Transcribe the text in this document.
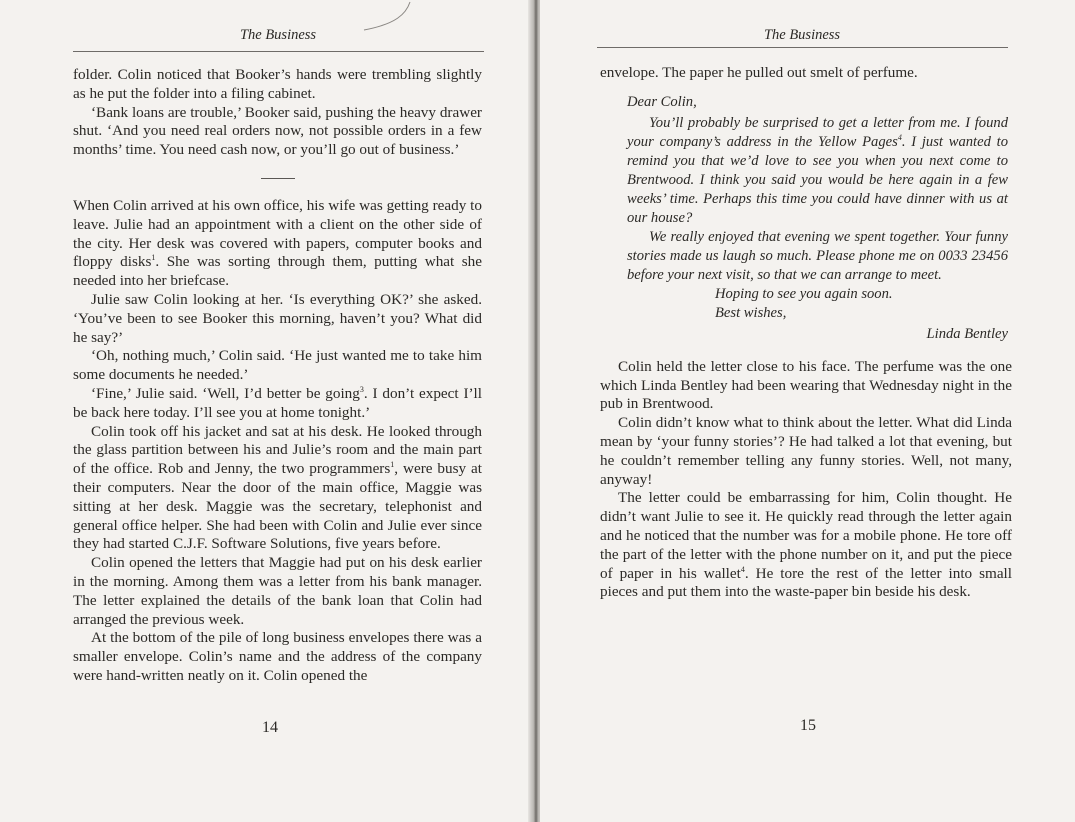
The Business

folder. Colin noticed that Booker’s hands were trembling slightly as he put the folder into a filing cabinet.

‘Bank loans are trouble,’ Booker said, pushing the heavy drawer shut. ‘And you need real orders now, not possible orders in a few months’ time. You need cash now, or you’ll go out of business.’

When Colin arrived at his own office, his wife was getting ready to leave. Julie had an appointment with a client on the other side of the city. Her desk was covered with papers, computer books and floppy disks$^1$. She was sorting through them, putting what she needed into her briefcase.

Julie saw Colin looking at her. ‘Is everything OK?’ she asked. ‘You’ve been to see Booker this morning, haven’t you? What did he say?’

‘Oh, nothing much,’ Colin said. ‘He just wanted me to take him some documents he needed.’

‘Fine,’ Julie said. ‘Well, I’d better be going$^3$. I don’t expect I’ll be back here today. I’ll see you at home tonight.’

Colin took off his jacket and sat at his desk. He looked through the glass partition between his and Julie’s room and the main part of the office. Rob and Jenny, the two programmers$^1$, were busy at their computers. Near the door of the main office, Maggie was sitting at her desk. Maggie was the secretary, telephonist and general office helper. She had been with Colin and Julie ever since they had started C.J.F. Software Solutions, five years before.

Colin opened the letters that Maggie had put on his desk earlier in the morning. Among them was a letter from his bank manager. The letter explained the details of the bank loan that Colin had arranged the previous week.

At the bottom of the pile of long business envelopes there was a smaller envelope. Colin’s name and the address of the company were hand-written neatly on it. Colin opened the

14
The Business

envelope. The paper he pulled out smelt of perfume.

Dear Colin,

You’ll probably be surprised to get a letter from me. I found your company’s address in the Yellow Pages$^4$. I just wanted to remind you that we’d love to see you when you next come to Brentwood. I think you said you would be here again in a few weeks’ time. Perhaps this time you could have dinner with us at our house?

We really enjoyed that evening we spent together. Your funny stories made us laugh so much. Please phone me on 0033 23456 before your next visit, so that we can arrange to meet.

Hoping to see you again soon.

Best wishes,

Linda Bentley

Colin held the letter close to his face. The perfume was the one which Linda Bentley had been wearing that Wednesday night in the pub in Brentwood.

Colin didn’t know what to think about the letter. What did Linda mean by ‘your funny stories’? He had talked a lot that evening, but he couldn’t remember telling any funny stories. Well, not many, anyway!

The letter could be embarrassing for him, Colin thought. He didn’t want Julie to see it. He quickly read through the letter again and he noticed that the number was for a mobile phone. He tore off the part of the letter with the phone number on it, and put the piece of paper in his wallet$^4$. He tore the rest of the letter into small pieces and put them into the waste-paper bin beside his desk.

15
